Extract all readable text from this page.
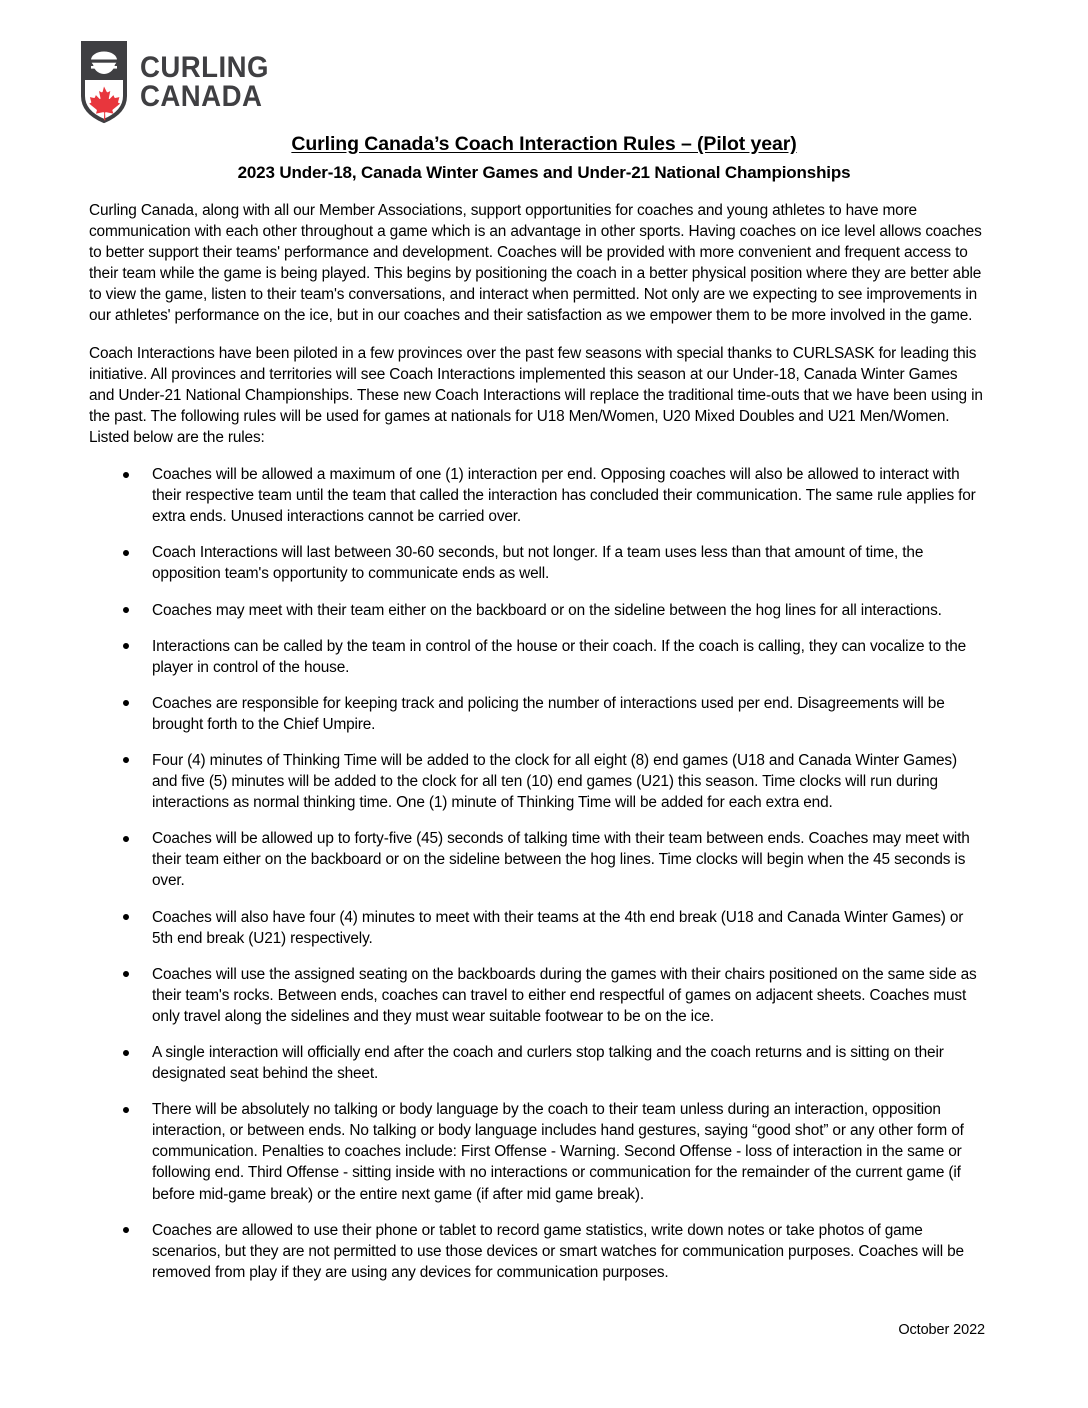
CURLING
CANADA
Curling Canada’s Coach Interaction Rules – (Pilot year)
2023 Under-18, Canada Winter Games and Under-21 National Championships

Curling Canada, along with all our Member Associations, support opportunities for coaches and young athletes to have more communication with each other throughout a game which is an advantage in other sports. Having coaches on ice level allows coaches to better support their teams' performance and development. Coaches will be provided with more convenient and frequent access to their team while the game is being played. This begins by positioning the coach in a better physical position where they are better able to view the game, listen to their team's conversations, and interact when permitted. Not only are we expecting to see improvements in our athletes' performance on the ice, but in our coaches and their satisfaction as we empower them to be more involved in the game.

Coach Interactions have been piloted in a few provinces over the past few seasons with special thanks to CURLSASK for leading this initiative. All provinces and territories will see Coach Interactions implemented this season at our Under-18, Canada Winter Games and Under-21 National Championships. These new Coach Interactions will replace the traditional time-outs that we have been using in the past. The following rules will be used for games at nationals for U18 Men/Women, U20 Mixed Doubles and U21 Men/Women. Listed below are the rules:

Coaches will be allowed a maximum of one (1) interaction per end. Opposing coaches will also be allowed to interact with their respective team until the team that called the interaction has concluded their communication. The same rule applies for extra ends. Unused interactions cannot be carried over.
Coach Interactions will last between 30-60 seconds, but not longer. If a team uses less than that amount of time, the opposition team's opportunity to communicate ends as well.
Coaches may meet with their team either on the backboard or on the sideline between the hog lines for all interactions.
Interactions can be called by the team in control of the house or their coach. If the coach is calling, they can vocalize to the player in control of the house.
Coaches are responsible for keeping track and policing the number of interactions used per end. Disagreements will be brought forth to the Chief Umpire.
Four (4) minutes of Thinking Time will be added to the clock for all eight (8) end games (U18 and Canada Winter Games) and five (5) minutes will be added to the clock for all ten (10) end games (U21) this season. Time clocks will run during interactions as normal thinking time. One (1) minute of Thinking Time will be added for each extra end.
Coaches will be allowed up to forty-five (45) seconds of talking time with their team between ends. Coaches may meet with their team either on the backboard or on the sideline between the hog lines. Time clocks will begin when the 45 seconds is over.
Coaches will also have four (4) minutes to meet with their teams at the 4th end break (U18 and Canada Winter Games) or 5th end break (U21) respectively.
Coaches will use the assigned seating on the backboards during the games with their chairs positioned on the same side as their team's rocks. Between ends, coaches can travel to either end respectful of games on adjacent sheets. Coaches must only travel along the sidelines and they must wear suitable footwear to be on the ice.
A single interaction will officially end after the coach and curlers stop talking and the coach returns and is sitting on their designated seat behind the sheet.
There will be absolutely no talking or body language by the coach to their team unless during an interaction, opposition interaction, or between ends. No talking or body language includes hand gestures, saying “good shot” or any other form of communication. Penalties to coaches include: First Offense - Warning. Second Offense - loss of interaction in the same or following end. Third Offense - sitting inside with no interactions or communication for the remainder of the current game (if before mid-game break) or the entire next game (if after mid game break).
Coaches are allowed to use their phone or tablet to record game statistics, write down notes or take photos of game scenarios, but they are not permitted to use those devices or smart watches for communication purposes. Coaches will be removed from play if they are using any devices for communication purposes.
October 2022
